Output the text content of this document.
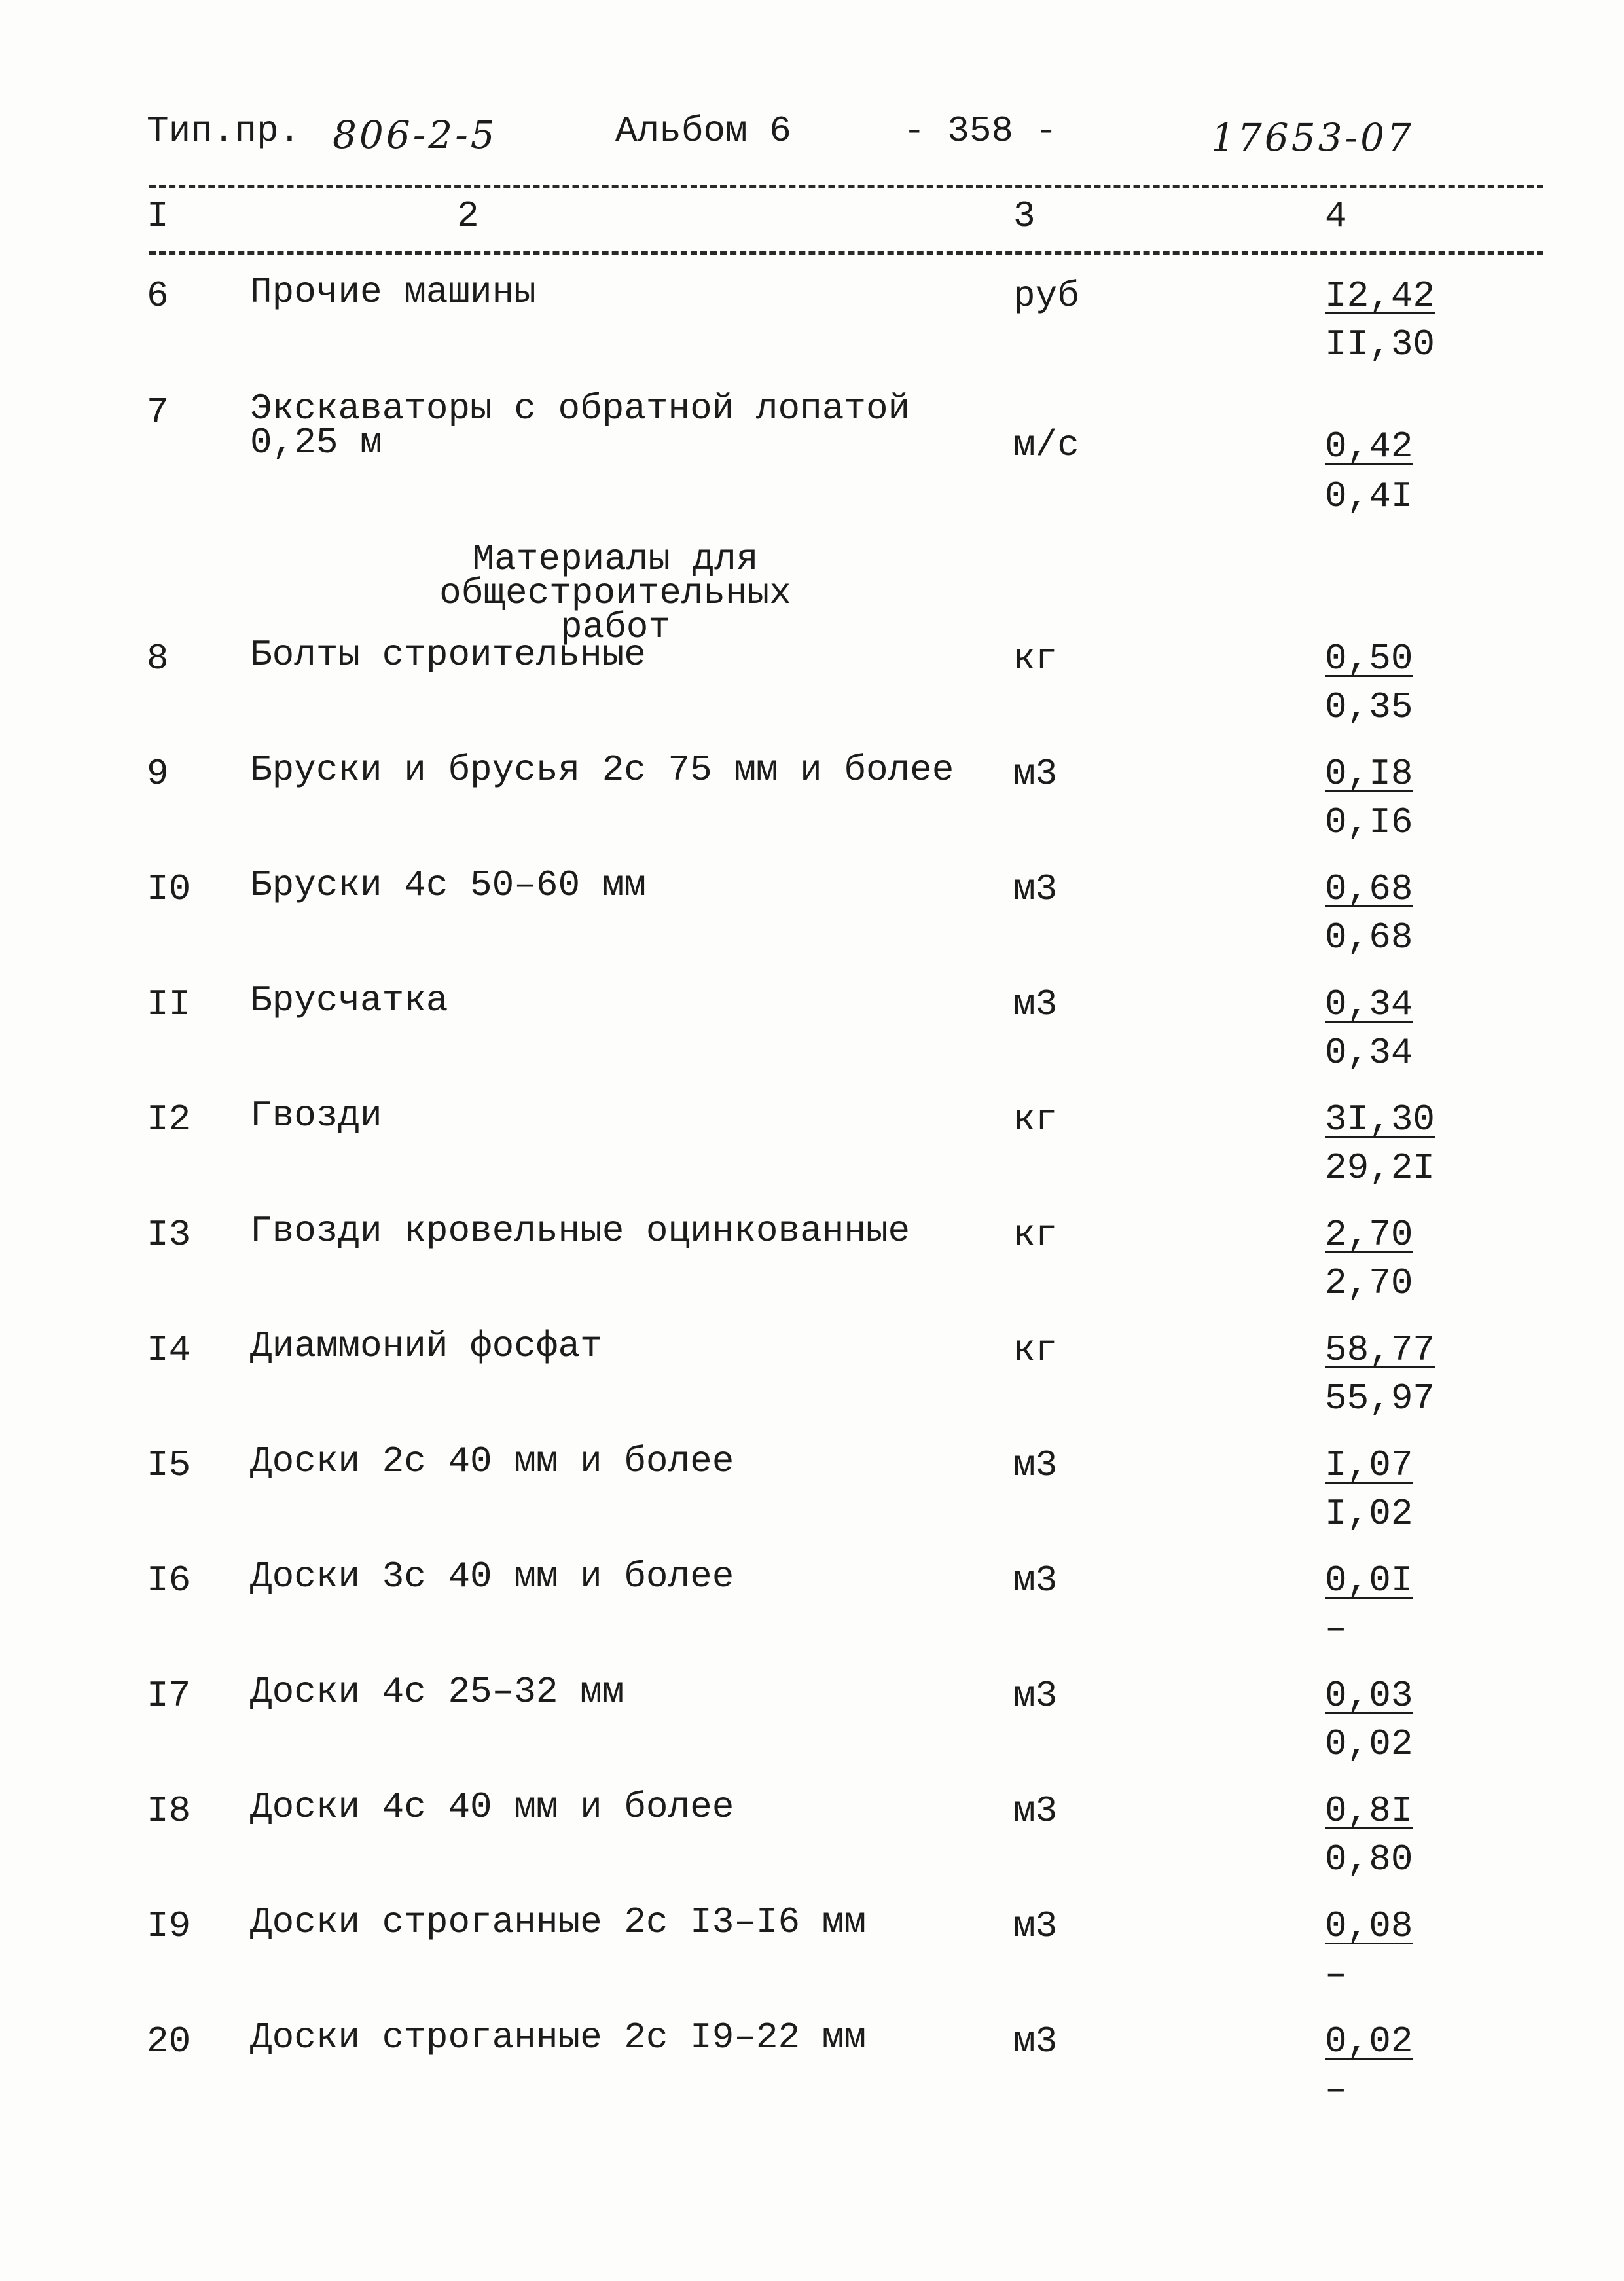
Тип.пр. 806-2-5	Альбом 6	- 358 -	17653-07
I	2	3	4
6 Прочие машины	руб	I2,42
II,30
7 Экскаваторы с обратной лопатой
0,25 м	м/с	0,42
0,4I
Материалы для общестроительных
работ
8 Болты строительные	кг	0,50
0,35
9 Бруски и брусья 2с 75 мм и более м3	0,I8
0,I6
I0 Бруски 4с 50–60 мм	м3	0,68
0,68
II Брусчатка	м3	0,34
0,34
I2 Гвозди	кг	3I,30
29,2I
I3 Гвозди кровельные оцинкованные	кг	2,70
2,70
I4 Диаммоний фосфат	кг	58,77
55,97
I5 Доски 2с 40 мм и более	м3	I,07
I,02
I6 Доски 3с 40 мм и более	м3	0,0I
–
I7 Доски 4с 25–32 мм	м3	0,03
0,02
I8 Доски 4с 40 мм и более	м3	0,8I
0,80
I9 Доски строганные 2с I3–I6 мм	м3	0,08
–
20 Доски строганные 2с I9–22 мм	м3	0,02
–
